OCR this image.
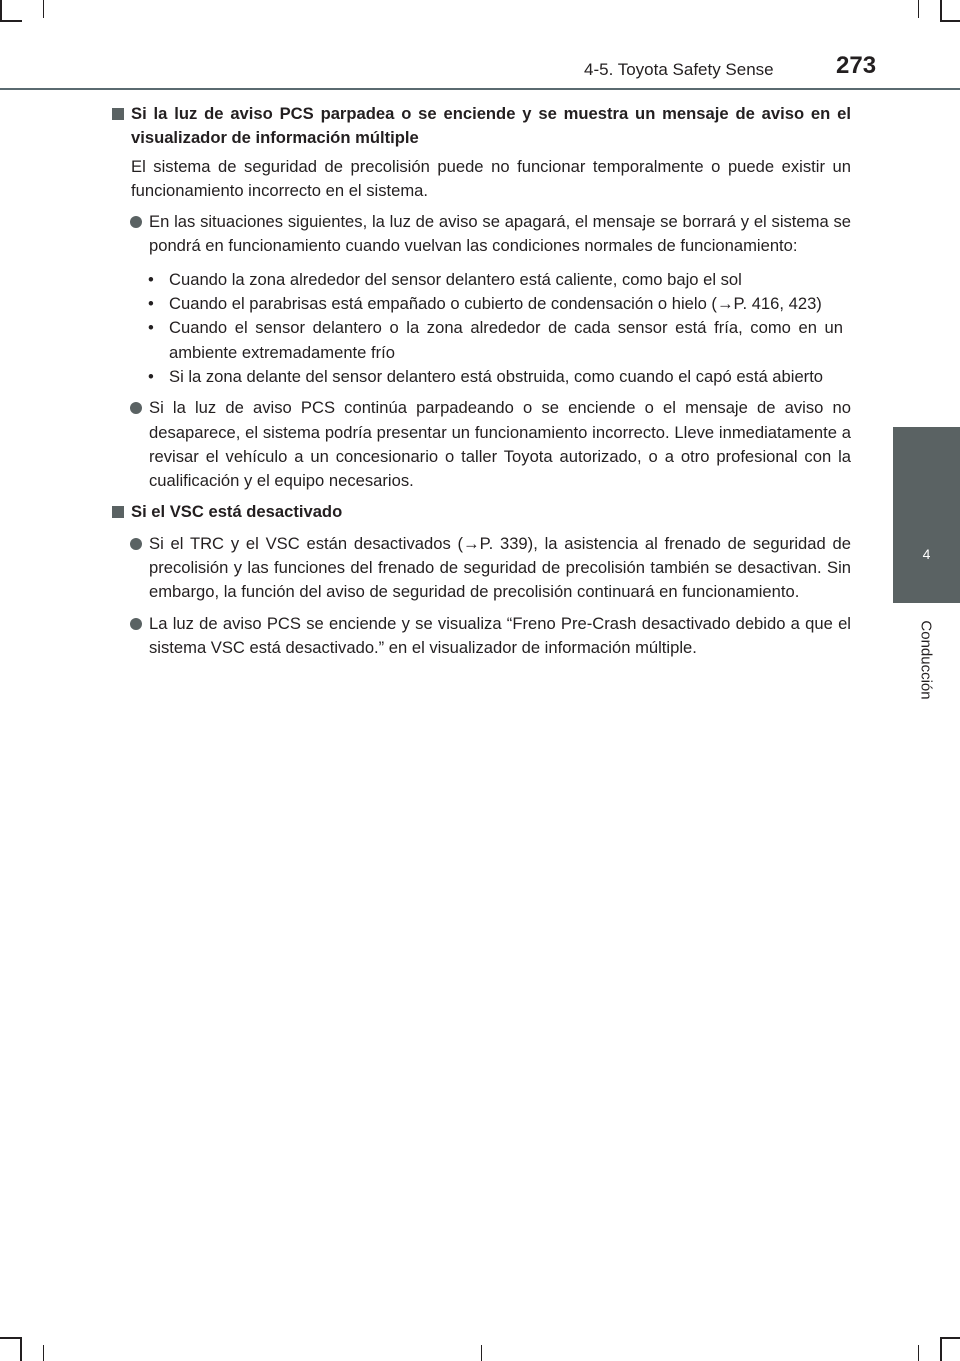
4-5. Toyota Safety Sense	273
4
Conducción
Si la luz de aviso PCS parpadea o se enciende y se muestra un mensaje de aviso en el visualizador de información múltiple
El sistema de seguridad de precolisión puede no funcionar temporalmente o puede existir un funcionamiento incorrecto en el sistema.
En las situaciones siguientes, la luz de aviso se apagará, el mensaje se borrará y el sistema se pondrá en funcionamiento cuando vuelvan las condiciones normales de funcionamiento:
• Cuando la zona alrededor del sensor delantero está caliente, como bajo el sol
• Cuando el parabrisas está empañado o cubierto de condensación o hielo (→P. 416, 423)
• Cuando el sensor delantero o la zona alrededor de cada sensor está fría, como en un ambiente extremadamente frío
• Si la zona delante del sensor delantero está obstruida, como cuando el capó está abierto
Si la luz de aviso PCS continúa parpadeando o se enciende o el mensaje de aviso no desaparece, el sistema podría presentar un funcionamiento incorrecto. Lleve inmediatamente a revisar el vehículo a un concesionario o taller Toyota autorizado, o a otro profesional con la cualificación y el equipo necesarios.
Si el VSC está desactivado
Si el TRC y el VSC están desactivados (→P. 339), la asistencia al frenado de seguridad de precolisión y las funciones del frenado de seguridad de precolisión también se desactivan. Sin embargo, la función del aviso de seguridad de precolisión continuará en funcionamiento.
La luz de aviso PCS se enciende y se visualiza “Freno Pre-Crash desactivado debido a que el sistema VSC está desactivado.” en el visualizador de información múltiple.
